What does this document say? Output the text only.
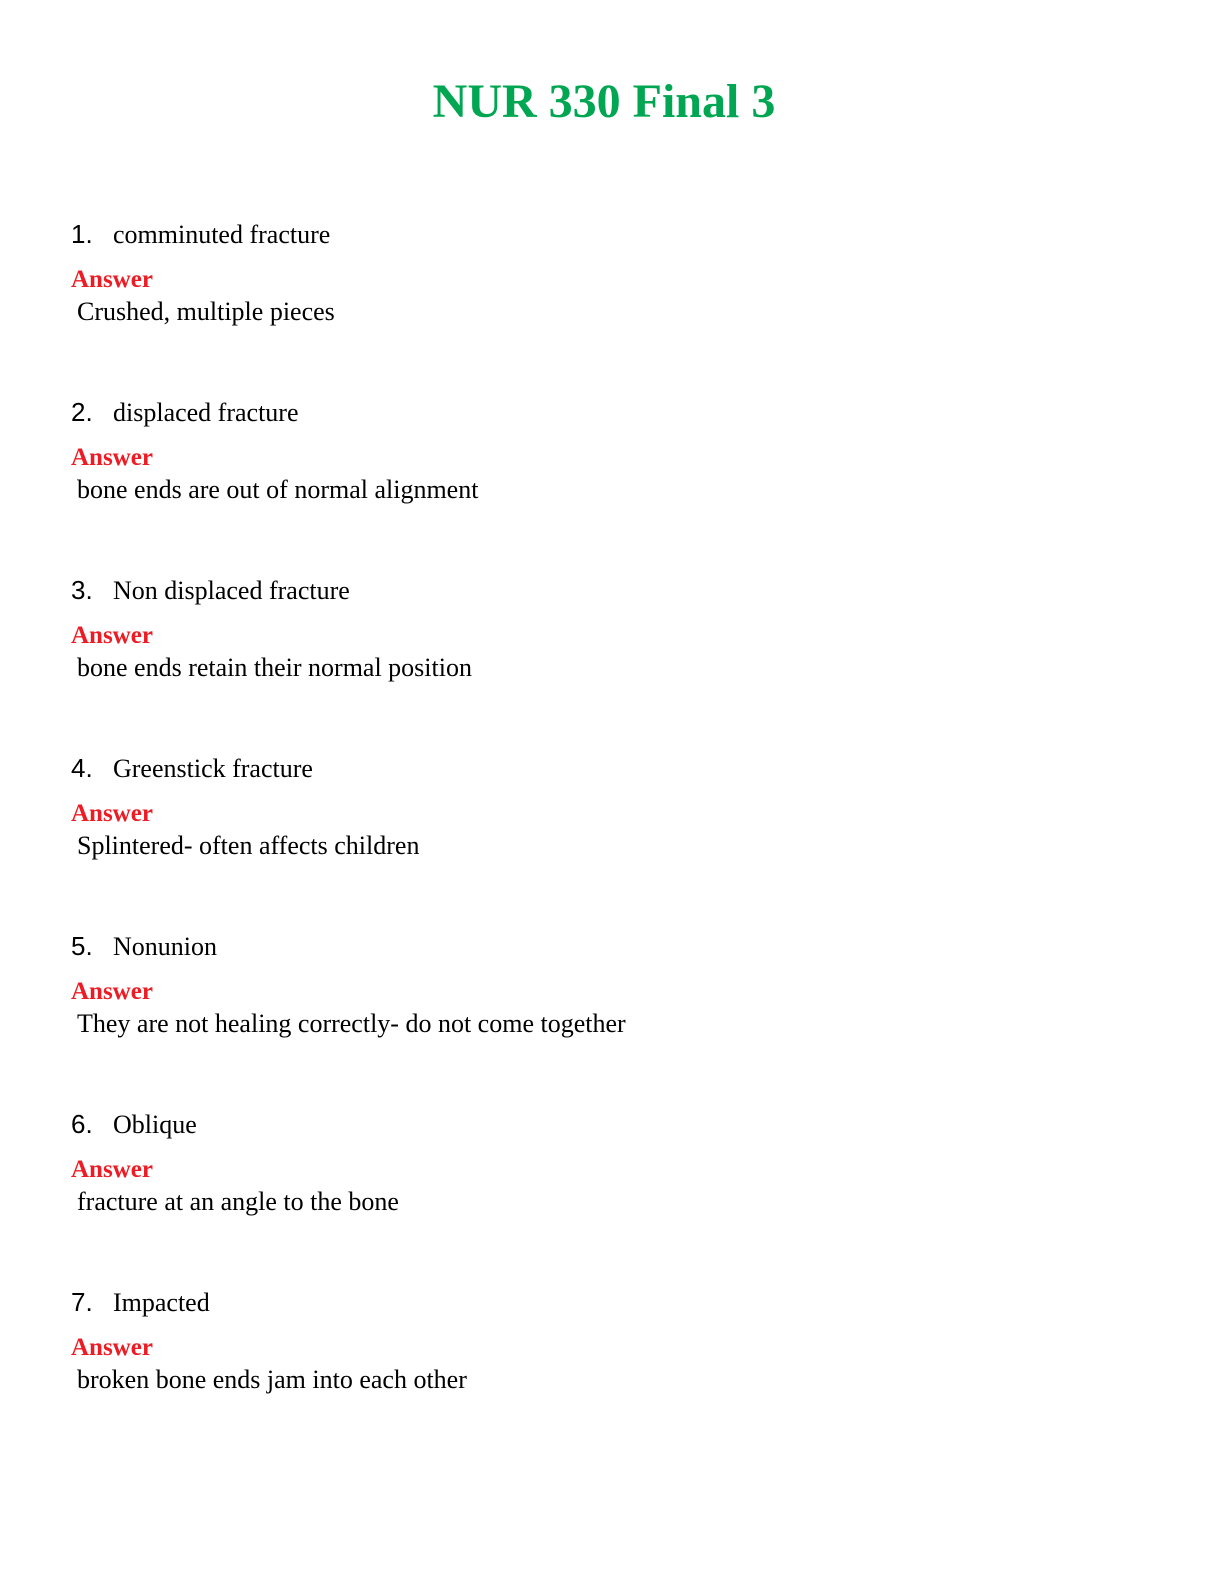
NUR 330 Final 3
1. comminuted fracture
Answer
Crushed, multiple pieces
2. displaced fracture
Answer
bone ends are out of normal alignment
3. Non displaced fracture
Answer
bone ends retain their normal position
4. Greenstick fracture
Answer
Splintered- often affects children
5. Nonunion
Answer
They are not healing correctly- do not come together
6. Oblique
Answer
fracture at an angle to the bone
7. Impacted
Answer
broken bone ends jam into each other
